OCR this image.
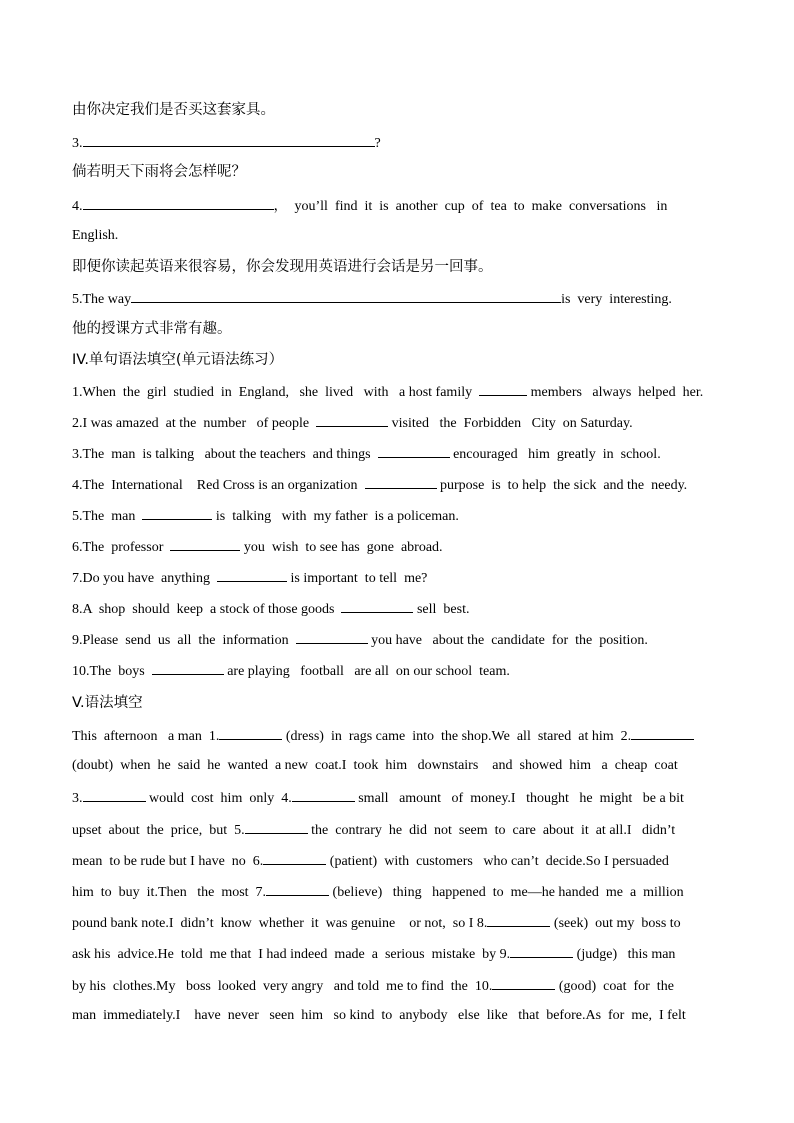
由你决定我们是否买这套家具。
3.	?
倘若明天下雨将会怎样呢？
4.	，  you’ll  find  it  is  another  cup  of  tea  to  make  conversations   in
English.
即便你读起英语来很容易，你会发现用英语进行会话是另一回事。
5.The way	is  very  interesting.
他的授课方式非常有趣。
IV.单句语法填空(单元语法练习）
1.When  the  girl  studied  in  England,   she  lived   with   a host family	members   always  helped  her.
2.I was amazed  at the  number   of people	visited   the  Forbidden   City  on Saturday.
3.The  man  is talking   about the teachers  and things	encouraged   him  greatly  in  school.
4.The  International    Red Cross is an organization	purpose  is  to help  the sick  and the  needy.
5.The  man	is  talking   with  my father  is a policeman.
6.The  professor	you  wish  to see has  gone  abroad.
7.Do you have  anything	is important  to tell  me?
8.A  shop  should  keep  a stock of those goods	sell  best.
9.Please  send  us  all  the  information	you have   about the  candidate  for  the  position.
10.The  boys	are playing   football   are all  on our school  team.
V.语法填空
This  afternoon   a man  1.	(dress)  in  rags came  into  the shop.We  all  stared  at him  2.
(doubt)  when  he  said  he  wanted  a new  coat.I  took  him   downstairs    and  showed  him   a  cheap  coat
3.	would  cost  him  only  4.	small   amount   of  money.I   thought   he  might   be a bit
upset  about  the  price,  but  5.	the  contrary  he  did  not  seem  to  care  about  it  at all.I   didn’t
mean  to be rude but I have  no  6.	(patient)  with  customers   who can’t  decide.So I persuaded
him  to  buy  it.Then   the  most  7.	(believe)   thing   happened  to  me—he handed  me  a  million
pound bank note.I  didn’t  know  whether  it  was genuine    or not,  so I 8.	(seek)  out my  boss to
ask his  advice.He  told  me that  I had indeed  made  a  serious  mistake  by 9.	(judge)   this man
by his  clothes.My   boss  looked  very angry   and told  me to find  the  10.	(good)  coat  for  the
man  immediately.I    have  never   seen  him   so kind  to  anybody   else  like   that  before.As  for  me,  I felt
